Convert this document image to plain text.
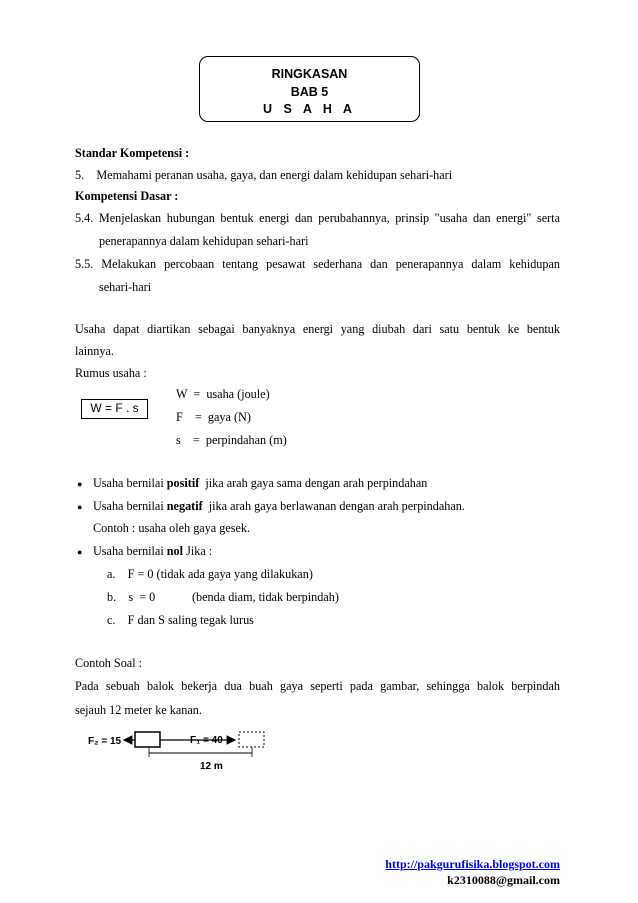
RINGKASAN
BAB 5
U S A H A
Standar Kompetensi :
5.    Memahami peranan usaha, gaya, dan energi dalam kehidupan sehari-hari
Kompetensi Dasar :
5.4. Menjelaskan hubungan bentuk energi dan perubahannya, prinsip "usaha dan energi" serta
penerapannya dalam kehidupan sehari-hari
5.5. Melakukan percobaan tentang pesawat sederhana dan penerapannya dalam kehidupan
sehari-hari
Usaha dapat diartikan sebagai banyaknya energi yang diubah dari satu bentuk ke bentuk
lainnya.
Rumus usaha :
W = F . s
W  =  usaha (joule)
F    =  gaya (N)
s    =  perpindahan (m)
● Usaha bernilai positif  jika arah gaya sama dengan arah perpindahan
● Usaha bernilai negatif  jika arah gaya berlawanan dengan arah perpindahan.
Contoh : usaha oleh gaya gesek.
● Usaha bernilai nol Jika :
a.    F = 0 (tidak ada gaya yang dilakukan)
b.    s  = 0	(benda diam, tidak berpindah)
c.    F dan S saling tegak lurus
Contoh Soal :
Pada sebuah balok bekerja dua buah gaya seperti pada gambar, sehingga balok berpindah
sejauh 12 meter ke kanan.
F₂ = 15	F₁ = 40
12 m
http://pakgurufisika.blogspot.com
k2310088@gmail.com
